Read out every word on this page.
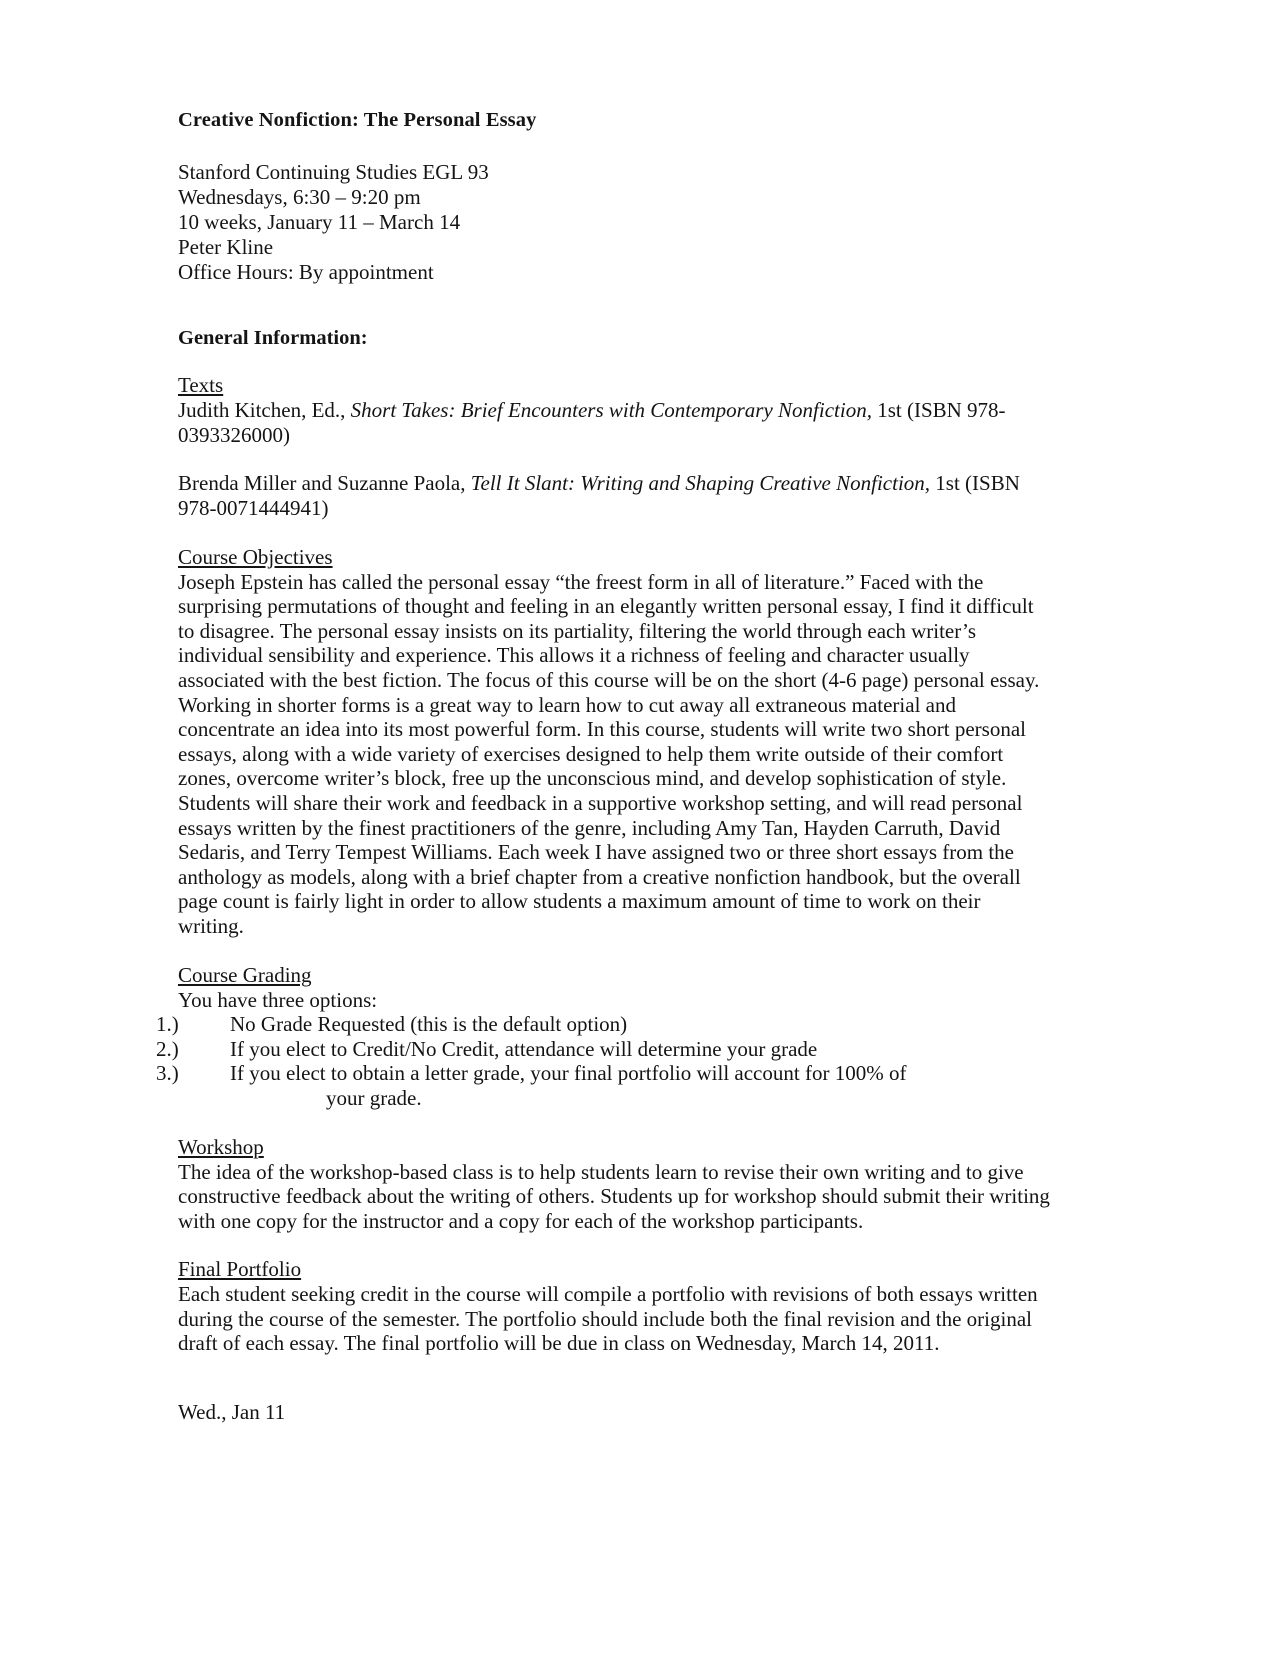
Creative Nonfiction: The Personal Essay
Stanford Continuing Studies EGL 93
Wednesdays, 6:30 – 9:20 pm
10 weeks, January 11 – March 14
Peter Kline
Office Hours: By appointment
General Information:
Texts

Judith Kitchen, Ed., Short Takes: Brief Encounters with Contemporary Nonfiction, 1st (ISBN 978-0393326000)

Brenda Miller and Suzanne Paola, Tell It Slant: Writing and Shaping Creative Nonfiction, 1st (ISBN 978-0071444941)

Course Objectives

Joseph Epstein has called the personal essay “the freest form in all of literature.” Faced with the surprising permutations of thought and feeling in an elegantly written personal essay, I find it difficult to disagree. The personal essay insists on its partiality, filtering the world through each writer’s individual sensibility and experience. This allows it a richness of feeling and character usually associated with the best fiction. The focus of this course will be on the short (4-6 page) personal essay. Working in shorter forms is a great way to learn how to cut away all extraneous material and concentrate an idea into its most powerful form. In this course, students will write two short personal essays, along with a wide variety of exercises designed to help them write outside of their comfort zones, overcome writer’s block, free up the unconscious mind, and develop sophistication of style. Students will share their work and feedback in a supportive workshop setting, and will read personal essays written by the finest practitioners of the genre, including Amy Tan, Hayden Carruth, David Sedaris, and Terry Tempest Williams. Each week I have assigned two or three short essays from the anthology as models, along with a brief chapter from a creative nonfiction handbook, but the overall page count is fairly light in order to allow students a maximum amount of time to work on their writing.

Course Grading

You have three options:

1.) No Grade Requested (this is the default option)
2.) If you elect to Credit/No Credit, attendance will determine your grade
3.) If you elect to obtain a letter grade, your final portfolio will account for 100% of
your grade.
Workshop

The idea of the workshop-based class is to help students learn to revise their own writing and to give constructive feedback about the writing of others. Students up for workshop should submit their writing with one copy for the instructor and a copy for each of the workshop participants.

Final Portfolio

Each student seeking credit in the course will compile a portfolio with revisions of both essays written during the course of the semester. The portfolio should include both the final revision and the original draft of each essay. The final portfolio will be due in class on Wednesday, March 14, 2011.

Wed., Jan 11
